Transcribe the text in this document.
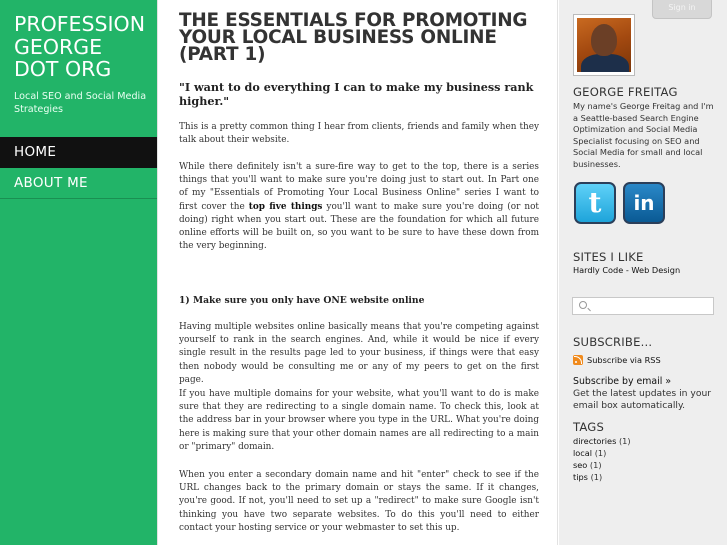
PROFESSION
GEORGE
DOT ORG
Local SEO and Social Media Strategies
HOME
ABOUT ME
THE ESSENTIALS FOR PROMOTING YOUR LOCAL BUSINESS ONLINE (PART 1)

"I want to do everything I can to make my business rank higher."

This is a pretty common thing I hear from clients, friends and family when they talk about their website.

While there definitely isn't a sure-fire way to get to the top, there is a series things that you'll want to make sure you're doing just to start out. In Part one of my "Essentials of Promoting Your Local Business Online" series I want to first cover the top five things you'll want to make sure you're doing (or not doing) right when you start out. These are the foundation for which all future online efforts will be built on, so you want to be sure to have these down from the very beginning.

1) Make sure you only have ONE website online

Having multiple websites online basically means that you're competing against yourself to rank in the search engines. And, while it would be nice if every single result in the results page led to your business, if things were that easy then nobody would be consulting me or any of my peers to get on the first page.

If you have multiple domains for your website, what you'll want to do is make sure that they are redirecting to a single domain name. To check this, look at the address bar in your browser where you type in the URL. What you're doing here is making sure that your other domain names are all redirecting to a main or "primary" domain.

When you enter a secondary domain name and hit "enter" check to see if the URL changes back to the primary domain or stays the same. If it changes, you're good. If not, you'll need to set up a "redirect" to make sure Google isn't thinking you have two separate websites. To do this you'll need to either contact your hosting service or your webmaster to set this up.

Sign in
GEORGE FREITAG
My name's George Freitag and I'm a Seattle-based Search Engine Optimization and Social Media Specialist focusing on SEO and Social Media for small and local businesses.
t	in
SITES I LIKE
Hardly Code - Web Design
SUBSCRIBE...
Subscribe via RSS
Subscribe by email »
Get the latest updates in your email box automatically.
TAGS
directories (1)
local (1)
seo (1)
tips (1)
